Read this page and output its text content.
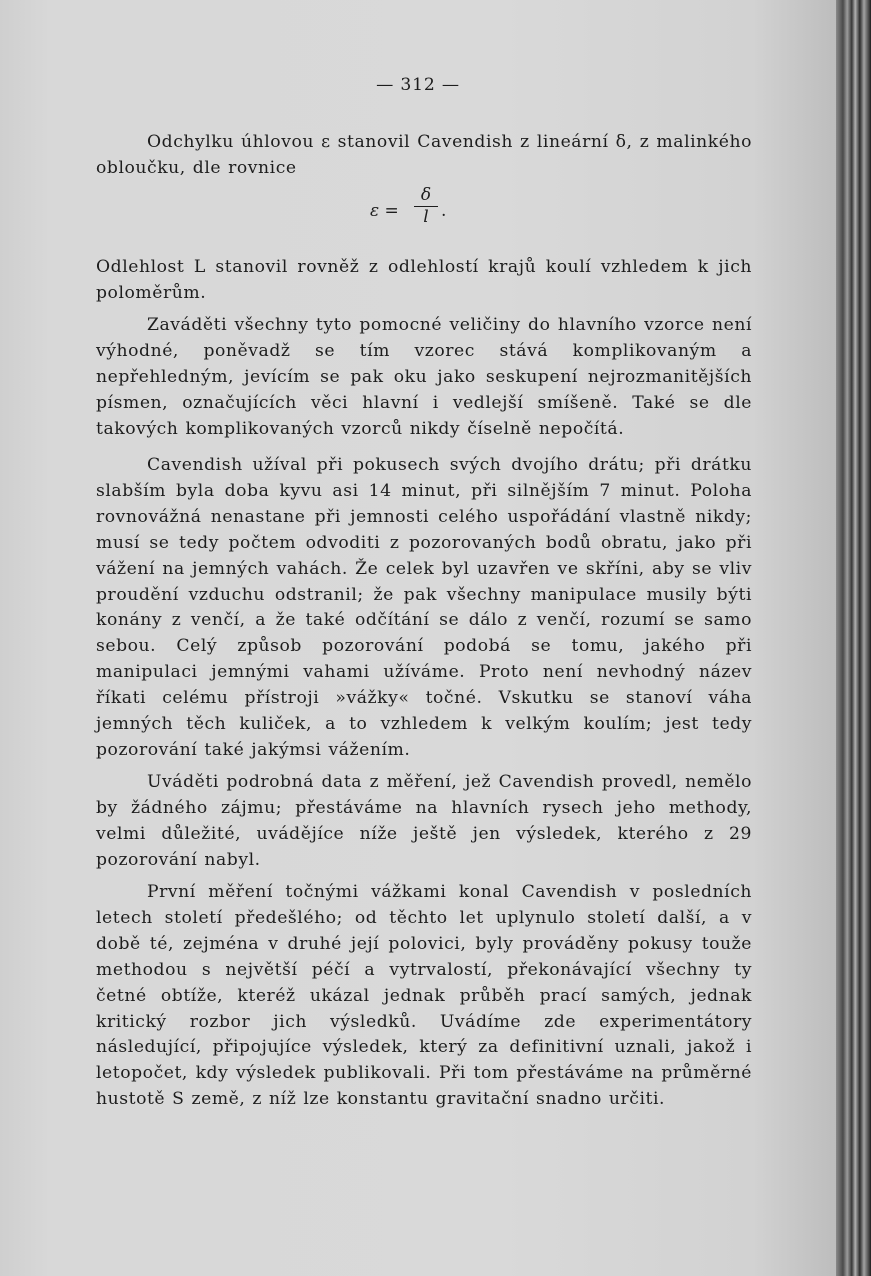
— 312 —

Odchylku úhlovou ε stanovil Cavendish z lineární δ, z malinkého obloučku, dle rovnice

ε =
δ
l .

Odlehlost L stanovil rovněž z odlehlostí krajů koulí vzhledem k jich poloměrům.

Zaváděti všechny tyto pomocné veličiny do hlavního vzorce není výhodné, poněvadž se tím vzorec stává komplikovaným a nepřehledným, jevícím se pak oku jako seskupení nejrozmanitějších písmen, označujících věci hlavní i vedlejší smíšeně. Také se dle takových komplikovaných vzorců nikdy číselně nepočítá.

Cavendish užíval při pokusech svých dvojího drátu; při drátku slabším byla doba kyvu asi 14 minut, při silnějším 7 minut. Poloha rovnovážná nenastane při jemnosti celého uspořádání vlastně nikdy; musí se tedy počtem odvoditi z pozorovaných bodů obratu, jako při vážení na jemných vahách. Že celek byl uzavřen ve skříni, aby se vliv proudění vzduchu odstranil; že pak všechny manipulace musily býti konány z venčí, a že také odčítání se dálo z venčí, rozumí se samo sebou. Celý způsob pozorování podobá se tomu, jakého při manipulaci jemnými vahami užíváme. Proto není nevhodný název říkati celému přístroji »vážky« točné. Vskutku se stanoví váha jemných těch kuliček, a to vzhledem k velkým koulím; jest tedy pozorování také jakýmsi vážením.

Uváděti podrobná data z měření, jež Cavendish provedl, nemělo by žádného zájmu; přestáváme na hlavních rysech jeho methody, velmi důležité, uvádějíce níže ještě jen výsledek, kterého z 29 pozorování nabyl.

První měření točnými vážkami konal Cavendish v posledních letech století předešlého; od těchto let uplynulo století další, a v době té, zejména v druhé její polovici, byly prováděny pokusy touže methodou s největší péčí a vytrvalostí, překonávající všechny ty četné obtíže, kteréž ukázal jednak průběh prací samých, jednak kritický rozbor jich výsledků. Uvádíme zde experimentátory následující, připojujíce výsledek, který za definitivní uznali, jakož i letopočet, kdy výsledek publikovali. Při tom přestáváme na průměrné hustotě S země, z níž lze konstantu gravitační snadno určiti.
